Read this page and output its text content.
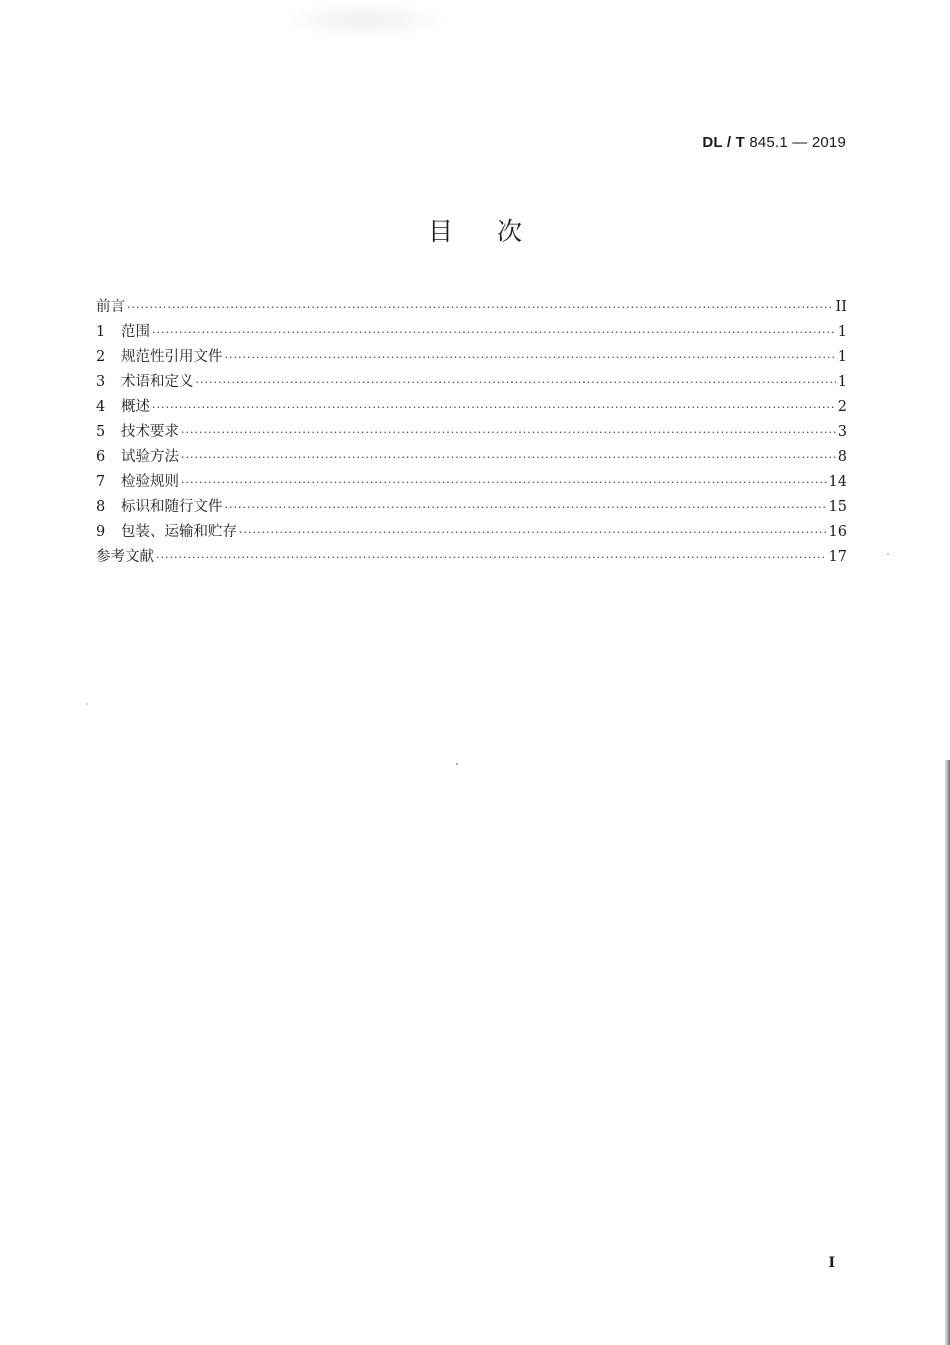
DL / T 845.1 — 2019
目次
前言 ·····	II
1	范围 ·····	1
2	规范性引用文件 ·····	1
3	术语和定义 ·····	1
4	概述 ·····	2
5	技术要求 ·····	3
6	试验方法 ·····	8
7	检验规则 ·····	14
8	标识和随行文件 ·····	15
9	包装、运输和贮存 ·····	16
参考文献 ·····	17
I
